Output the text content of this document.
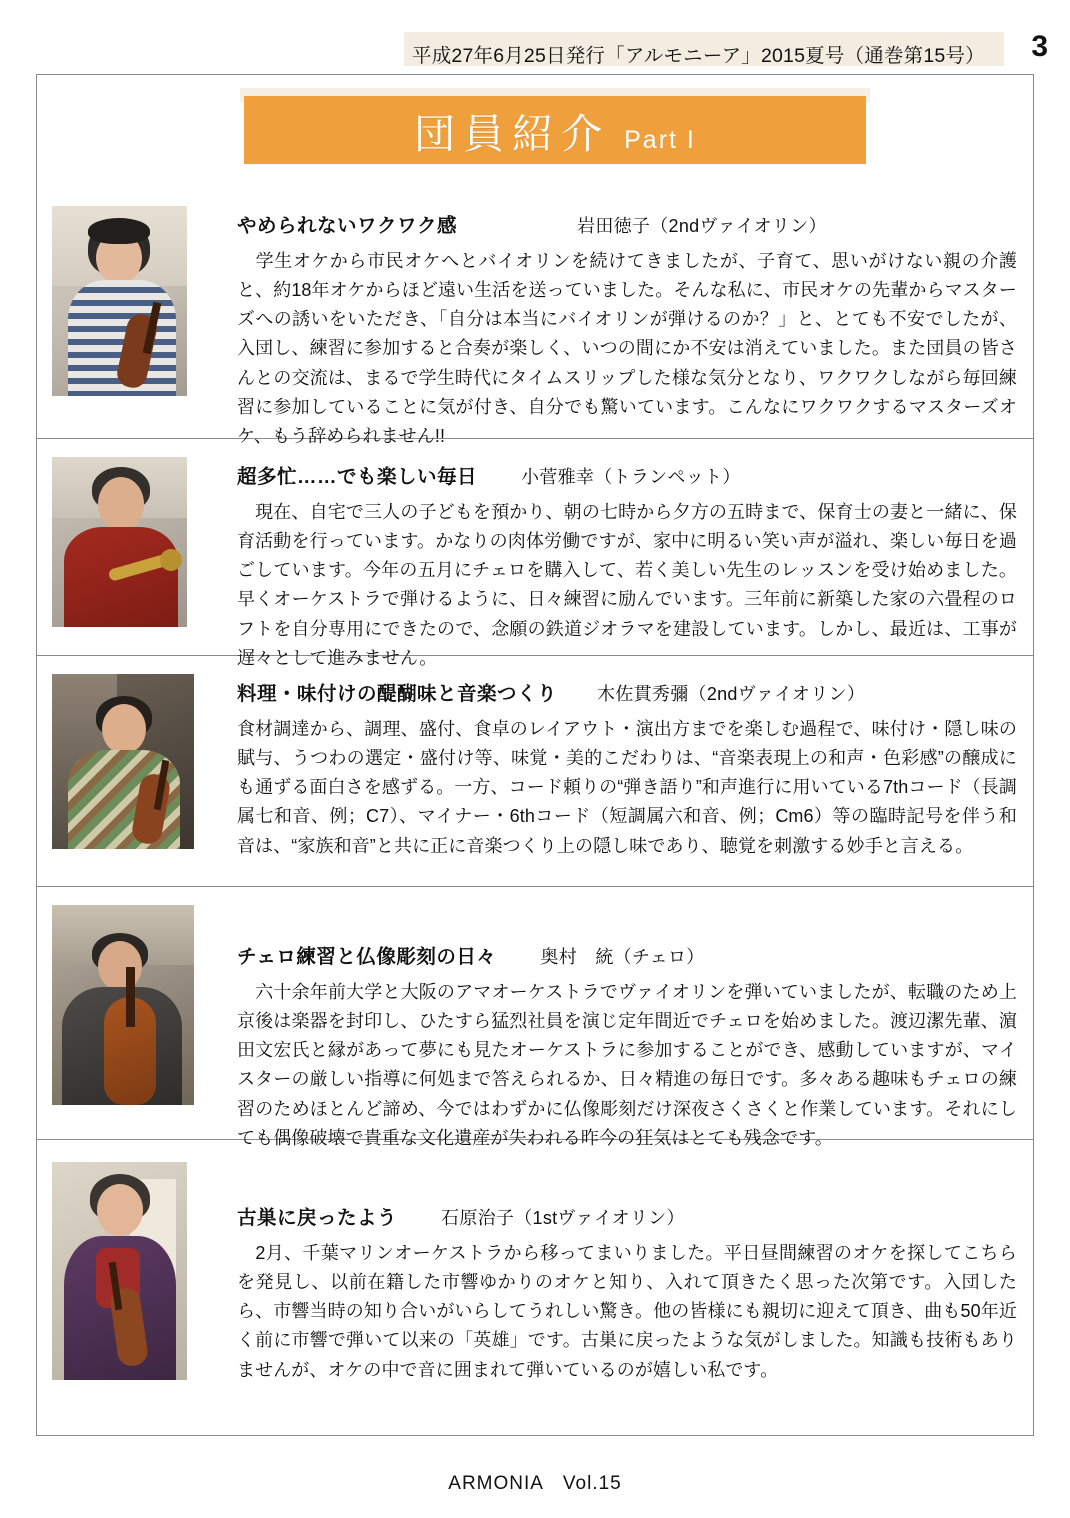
平成27年6月25日発行「アルモニーア」2015夏号（通巻第15号） 3
団員紹介 Part I
やめられないワクワク感	岩田徳子（2ndヴァイオリン）
　学生オケから市民オケへとバイオリンを続けてきましたが、子育て、思いがけない親の介護と、約18年オケからほど遠い生活を送っていました。そんな私に、市民オケの先輩からマスターズへの誘いをいただき、「自分は本当にバイオリンが弾けるのか？」と、とても不安でしたが、入団し、練習に参加すると合奏が楽しく、いつの間にか不安は消えていました。また団員の皆さんとの交流は、まるで学生時代にタイムスリップした様な気分となり、ワクワクしながら毎回練習に参加していることに気が付き、自分でも驚いています。こんなにワクワクするマスターズオケ、もう辞められません!!
超多忙……でも楽しい毎日 小菅雅幸（トランペット）
　現在、自宅で三人の子どもを預かり、朝の七時から夕方の五時まで、保育士の妻と一緒に、保育活動を行っています。かなりの肉体労働ですが、家中に明るい笑い声が溢れ、楽しい毎日を過ごしています。今年の五月にチェロを購入して、若く美しい先生のレッスンを受け始めました。早くオーケストラで弾けるように、日々練習に励んでいます。三年前に新築した家の六畳程のロフトを自分専用にできたので、念願の鉄道ジオラマを建設しています。しかし、最近は、工事が遅々として進みません。
料理・味付けの醍醐味と音楽つくり 木佐貫秀彌（2ndヴァイオリン）
食材調達から、調理、盛付、食卓のレイアウト・演出方までを楽しむ過程で、味付け・隠し味の賦与、うつわの選定・盛付け等、味覚・美的こだわりは、“音楽表現上の和声・色彩感”の醸成にも通ずる面白さを感ずる。一方、コード頼りの“弾き語り”和声進行に用いている7thコード（長調属七和音、例；C7）、マイナー・6thコード（短調属六和音、例；Cm6）等の臨時記号を伴う和音は、“家族和音”と共に正に音楽つくり上の隠し味であり、聴覚を刺激する妙手と言える。
チェロ練習と仏像彫刻の日々 奥村　統（チェロ）
　六十余年前大学と大阪のアマオーケストラでヴァイオリンを弾いていましたが、転職のため上京後は楽器を封印し、ひたすら猛烈社員を演じ定年間近でチェロを始めました。渡辺潔先輩、濵田文宏氏と縁があって夢にも見たオーケストラに参加することができ、感動していますが、マイスターの厳しい指導に何処まで答えられるか、日々精進の毎日です。多々ある趣味もチェロの練習のためほとんど諦め、今ではわずかに仏像彫刻だけ深夜さくさくと作業しています。それにしても偶像破壊で貴重な文化遺産が失われる昨今の狂気はとても残念です。
古巣に戻ったよう 石原治子（1stヴァイオリン）
　2月、千葉マリンオーケストラから移ってまいりました。平日昼間練習のオケを探してこちらを発見し、以前在籍した市響ゆかりのオケと知り、入れて頂きたく思った次第です。入団したら、市響当時の知り合いがいらしてうれしい驚き。他の皆様にも親切に迎えて頂き、曲も50年近く前に市響で弾いて以来の「英雄」です。古巣に戻ったような気がしました。知識も技術もありませんが、オケの中で音に囲まれて弾いているのが嬉しい私です。
ARMONIA　Vol.15
